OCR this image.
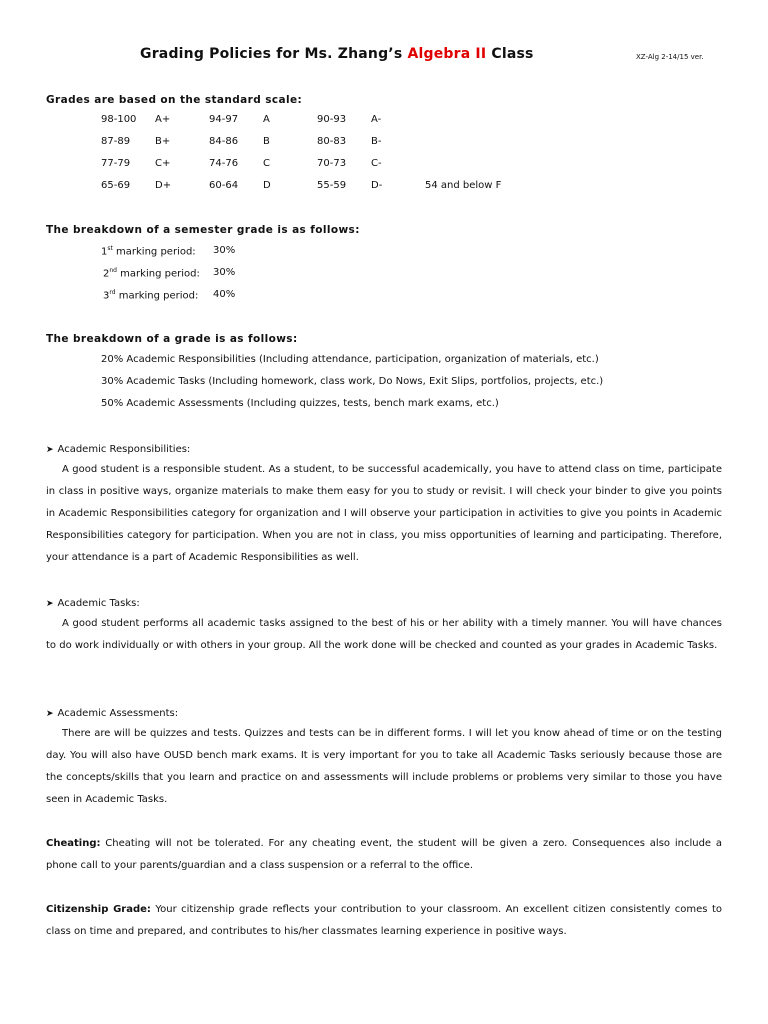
Grading Policies for Ms. Zhang’s Algebra II Class	XZ-Alg 2-14/15 ver.
Grades are based on the standard scale:
98-100 A+	94-97 A	90-93 A-
87-89 B+	84-86 B	80-83 B-
77-79 C+	74-76 C	70-73 C-
65-69 D+	60-64 D	55-59 D-	54 and below F
The breakdown of a semester grade is as follows:
1st marking period: 30%
2nd marking period: 30%
3rd marking period: 40%
The breakdown of a grade is as follows:
20% Academic Responsibilities (Including attendance, participation, organization of materials, etc.)
30% Academic Tasks (Including homework, class work, Do Nows, Exit Slips, portfolios, projects, etc.)
50% Academic Assessments (Including quizzes, tests, bench mark exams, etc.)
➤ Academic Responsibilities:
A good student is a responsible student. As a student, to be successful academically, you have to attend class on time, participate in class in positive ways, organize materials to make them easy for you to study or revisit. I will check your binder to give you points in Academic Responsibilities category for organization and I will observe your participation in activities to give you points in Academic Responsibilities category for participation. When you are not in class, you miss opportunities of learning and participating. Therefore, your attendance is a part of Academic Responsibilities as well.
➤ Academic Tasks:
A good student performs all academic tasks assigned to the best of his or her ability with a timely manner. You will have chances to do work individually or with others in your group. All the work done will be checked and counted as your grades in Academic Tasks.
➤ Academic Assessments:
There are will be quizzes and tests. Quizzes and tests can be in different forms. I will let you know ahead of time or on the testing day. You will also have OUSD bench mark exams. It is very important for you to take all Academic Tasks seriously because those are the concepts/skills that you learn and practice on and assessments will include problems or problems very similar to those you have seen in Academic Tasks.
Cheating: Cheating will not be tolerated. For any cheating event, the student will be given a zero. Consequences also include a phone call to your parents/guardian and a class suspension or a referral to the office.
Citizenship Grade: Your citizenship grade reflects your contribution to your classroom. An excellent citizen consistently comes to class on time and prepared, and contributes to his/her classmates learning experience in positive ways.
